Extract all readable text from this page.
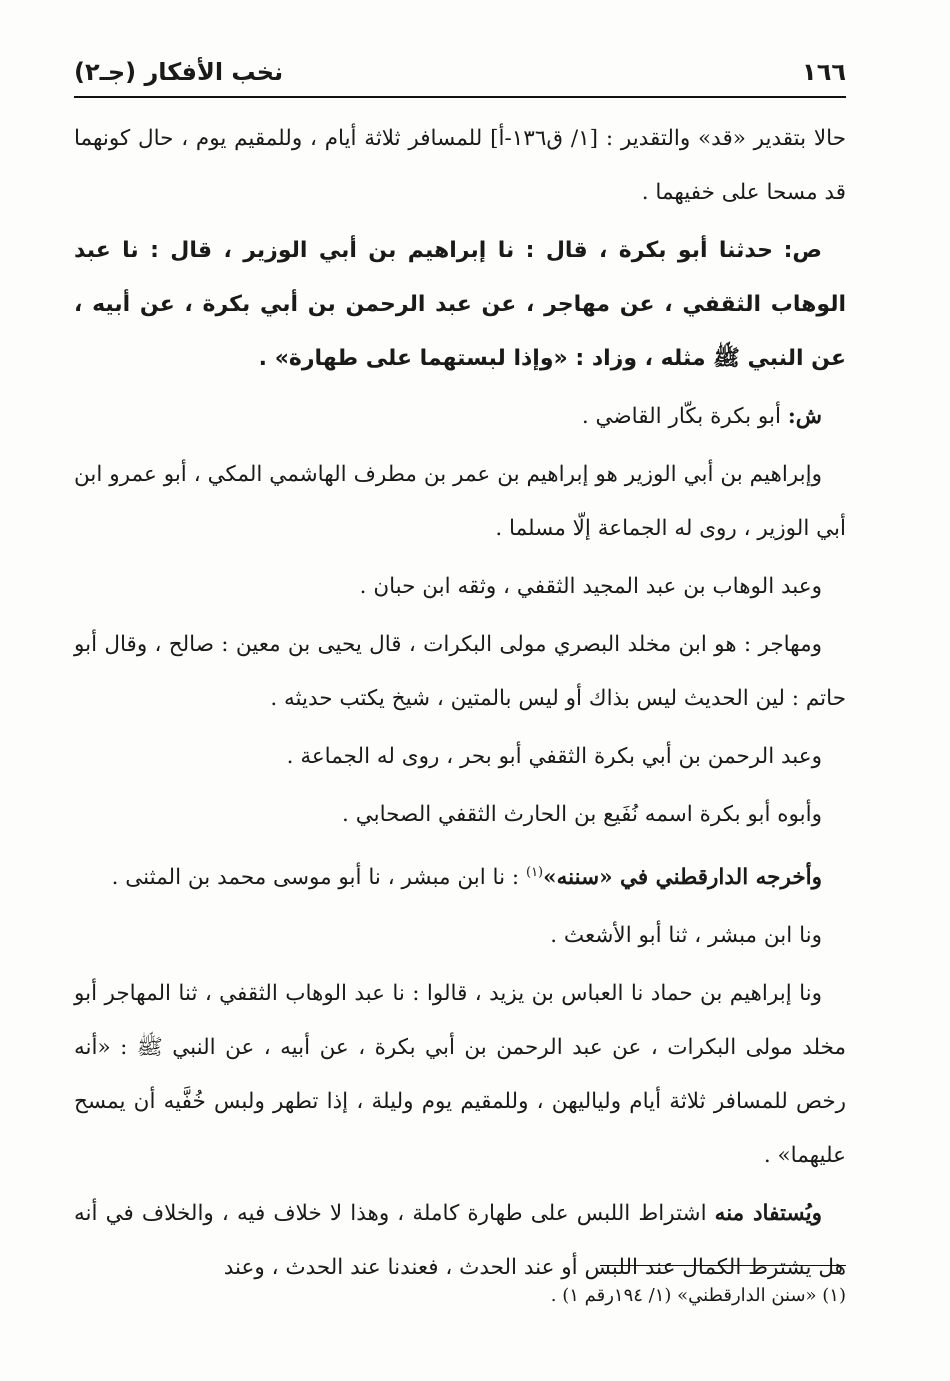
١٦٦
نخب الأفكار (جـ٢)

حالا بتقدير «قد» والتقدير : [١/ ق١٣٦-أ] للمسافر ثلاثة أيام ، وللمقيم يوم ، حال كونهما قد مسحا على خفيهما .

ص: حدثنا أبو بكرة ، قال : نا إبراهيم بن أبي الوزير ، قال : نا عبد الوهاب الثقفي ، عن مهاجر ، عن عبد الرحمن بن أبي بكرة ، عن أبيه ، عن النبي ﷺ مثله ، وزاد : «وإذا لبستهما على طهارة» .

ش: أبو بكرة بكّار القاضي .

وإبراهيم بن أبي الوزير هو إبراهيم بن عمر بن مطرف الهاشمي المكي ، أبو عمرو ابن أبي الوزير ، روى له الجماعة إلّا مسلما .

وعبد الوهاب بن عبد المجيد الثقفي ، وثقه ابن حبان .

ومهاجر : هو ابن مخلد البصري مولى البكرات ، قال يحيى بن معين : صالح ، وقال أبو حاتم : لين الحديث ليس بذاك أو ليس بالمتين ، شيخ يكتب حديثه .

وعبد الرحمن بن أبي بكرة الثقفي أبو بحر ، روى له الجماعة .

وأبوه أبو بكرة اسمه نُفَيع بن الحارث الثقفي الصحابي .

وأخرجه الدارقطني في «سننه»$^{(١)}$ : نا ابن مبشر ، نا أبو موسى محمد بن المثنى .

ونا ابن مبشر ، ثنا أبو الأشعث .

ونا إبراهيم بن حماد نا العباس بن يزيد ، قالوا : نا عبد الوهاب الثقفي ، ثنا المهاجر أبو مخلد مولى البكرات ، عن عبد الرحمن بن أبي بكرة ، عن أبيه ، عن النبي ﷺ : «أنه رخص للمسافر ثلاثة أيام ولياليهن ، وللمقيم يوم وليلة ، إذا تطهر ولبس خُفَّيه أن يمسح عليهما» .

ويُستفاد منه اشتراط اللبس على طهارة كاملة ، وهذا لا خلاف فيه ، والخلاف في أنه هل يشترط الكمال عند اللبس أو عند الحدث ، فعندنا عند الحدث ، وعند

(١) «سنن الدارقطني» (١/ ١٩٤رقم ١) .
